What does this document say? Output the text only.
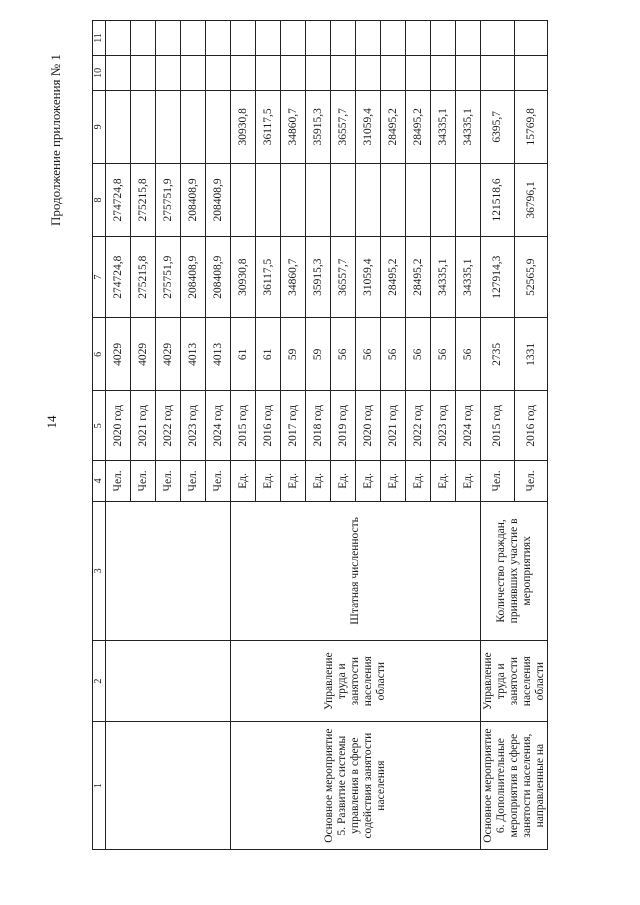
14
Продолжение приложения № 1
1	2	3	4	5	6	7	8	9	10	11
			Чел.	2020 год	4029	274724,8	274724,8			
			Чел.	2021 год	4029	275215,8	275215,8			
			Чел.	2022 год	4029	275751,9	275751,9			
			Чел.	2023 год	4013	208408,9	208408,9			
			Чел.	2024 год	4013	208408,9	208408,9			
Основное мероприятие 5. Развитие системы управления в сфере содействия занятости населения	Управление труда и занятости населения области	Штатная численность	Ед.	2015 год	61	30930,8		30930,8		
			Ед.	2016 год	61	36117,5		36117,5		
			Ед.	2017 год	59	34860,7		34860,7		
			Ед.	2018 год	59	35915,3		35915,3		
			Ед.	2019 год	56	36557,7		36557,7		
			Ед.	2020 год	56	31059,4		31059,4		
			Ед.	2021 год	56	28495,2		28495,2		
			Ед.	2022 год	56	28495,2		28495,2		
			Ед.	2023 год	56	34335,1		34335,1		
			Ед.	2024 год	56	34335,1		34335,1		
Основное мероприятие 6. Дополнительные мероприятия в сфере занятости населения, направленные на	Управление труда и занятости населения области	Количество граждан, принявших участие в мероприятиях	Чел.	2015 год	2735	127914,3	121518,6	6395,7		
			Чел.	2016 год	1331	52565,9	36796,1	15769,8		
